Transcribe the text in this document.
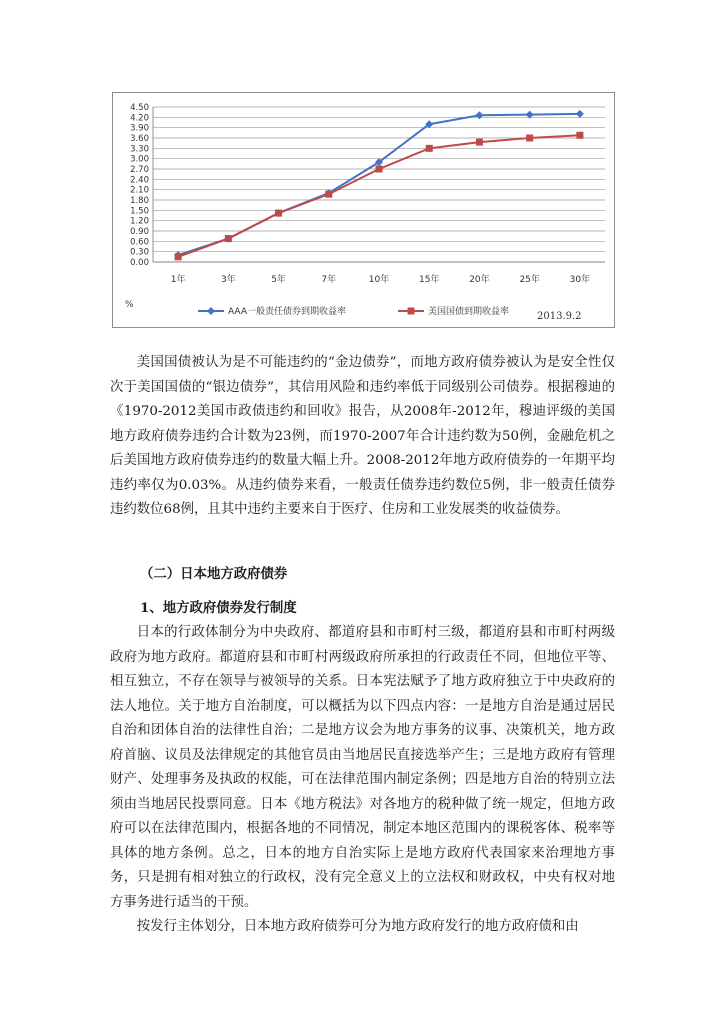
0.00
0.30
0.60
0.90
1.20
1.50
1.80
2.10
2.40
2.70
3.00
3.30
3.60
3.90
4.20
4.50
1年	3年	5年	7年	10年	15年	20年	25年	30年
%
AAA一般责任债券到期收益率	美国国债到期收益率	2013.9.2

美国国债被认为是不可能违约的“金边债券”，而地方政府债券被认为是安全性仅次于美国国债的“银边债券”，其信用风险和违约率低于同级别公司债券。根据穆迪的《1970-2012美国市政债违约和回收》报告，从2008年-2012年，穆迪评级的美国地方政府债券违约合计数为23例，而1970-2007年合计违约数为50例，金融危机之后美国地方政府债券违约的数量大幅上升。2008-2012年地方政府债券的一年期平均违约率仅为0.03%。从违约债券来看，一般责任债券违约数位5例，非一般责任债券违约数位68例，且其中违约主要来自于医疗、住房和工业发展类的收益债券。

（二）日本地方政府债券
1、地方政府债券发行制度

日本的行政体制分为中央政府、都道府县和市町村三级，都道府县和市町村两级政府为地方政府。都道府县和市町村两级政府所承担的行政责任不同，但地位平等、相互独立，不存在领导与被领导的关系。日本宪法赋予了地方政府独立于中央政府的法人地位。关于地方自治制度，可以概括为以下四点内容：一是地方自治是通过居民自治和团体自治的法律性自治；二是地方议会为地方事务的议事、决策机关，地方政府首脑、议员及法律规定的其他官员由当地居民直接选举产生；三是地方政府有管理财产、处理事务及执政的权能，可在法律范围内制定条例；四是地方自治的特别立法须由当地居民投票同意。日本《地方税法》对各地方的税种做了统一规定，但地方政府可以在法律范围内，根据各地的不同情况，制定本地区范围内的课税客体、税率等具体的地方条例。总之，日本的地方自治实际上是地方政府代表国家来治理地方事务，只是拥有相对独立的行政权，没有完全意义上的立法权和财政权，中央有权对地方事务进行适当的干预。

按发行主体划分，日本地方政府债券可分为地方政府发行的地方政府债和由
